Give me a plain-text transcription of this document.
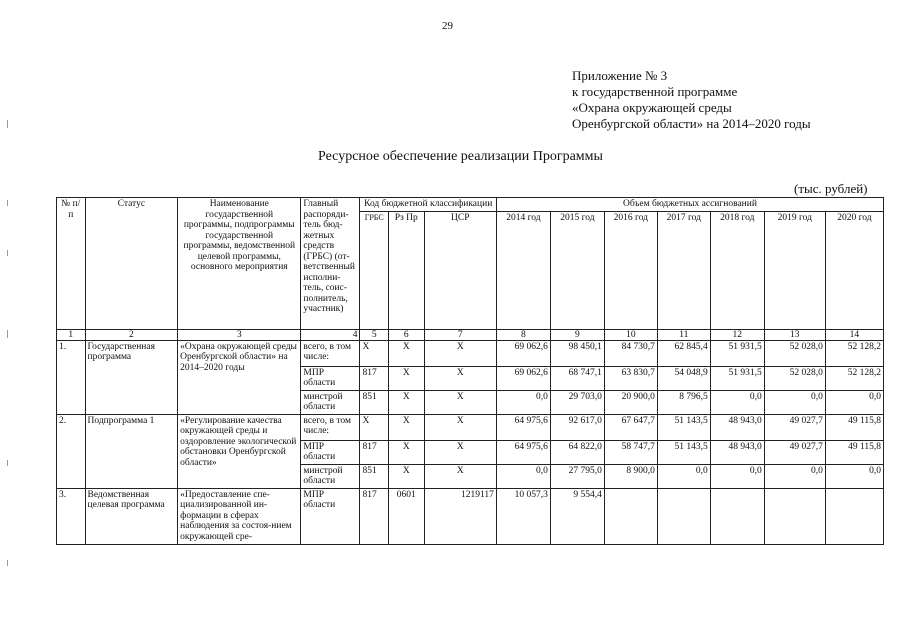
29
Приложение № 3
к государственной программе
«Охрана окружающей среды
Оренбургской области» на 2014–2020 годы
Ресурсное обеспечение реализации Программы
(тыс. рублей)
№ п/п	Статус	Наименование государственной программы, подпрограммы государственной программы, ведомственной целевой программы, основного мероприятия	Главный распоряди-тель бюд-жетных средств (ГРБС) (от-ветственный исполни-тель, соис-полнитель, участник)	Код бюджетной классификации			Объем бюджетных ассигнований						
				ГРБС	Рз Пр	ЦСР	2014 год	2015 год	2016 год	2017 год	2018 год	2019 год	2020 год
1	2	3	4	5	6	7	8	9	10	11	12	13	14
1.	Государственная программа	«Охрана окружающей среды Оренбургской области» на 2014–2020 годы	всего, в том числе:	X	X	X	69 062,6	98 450,1	84 730,7	62 845,4	51 931,5	52 028,0	52 128,2
			МПР области	817	X	X	69 062,6	68 747,1	63 830,7	54 048,9	51 931,5	52 028,0	52 128,2
			минстрой области	851	X	X	0,0	29 703,0	20 900,0	8 796,5	0,0	0,0	0,0
2.	Подпрограмма 1	«Регулирование качества окружающей среды и оздоровление экологической обстановки Оренбургской области»	всего, в том числе:	X	X	X	64 975,6	92 617,0	67 647,7	51 143,5	48 943,0	49 027,7	49 115,8
			МПР области	817	X	X	64 975,6	64 822,0	58 747,7	51 143,5	48 943,0	49 027,7	49 115,8
			минстрой области	851	X	X	0,0	27 795,0	8 900,0	0,0	0,0	0,0	0,0
3.	Ведомственная целевая программа	«Предоставление спе-циализированной ин-формации в сферах наблюдения за состоя-нием окружающей сре-	МПР области	817	0601	1219117	10 057,3	9 554,4					
